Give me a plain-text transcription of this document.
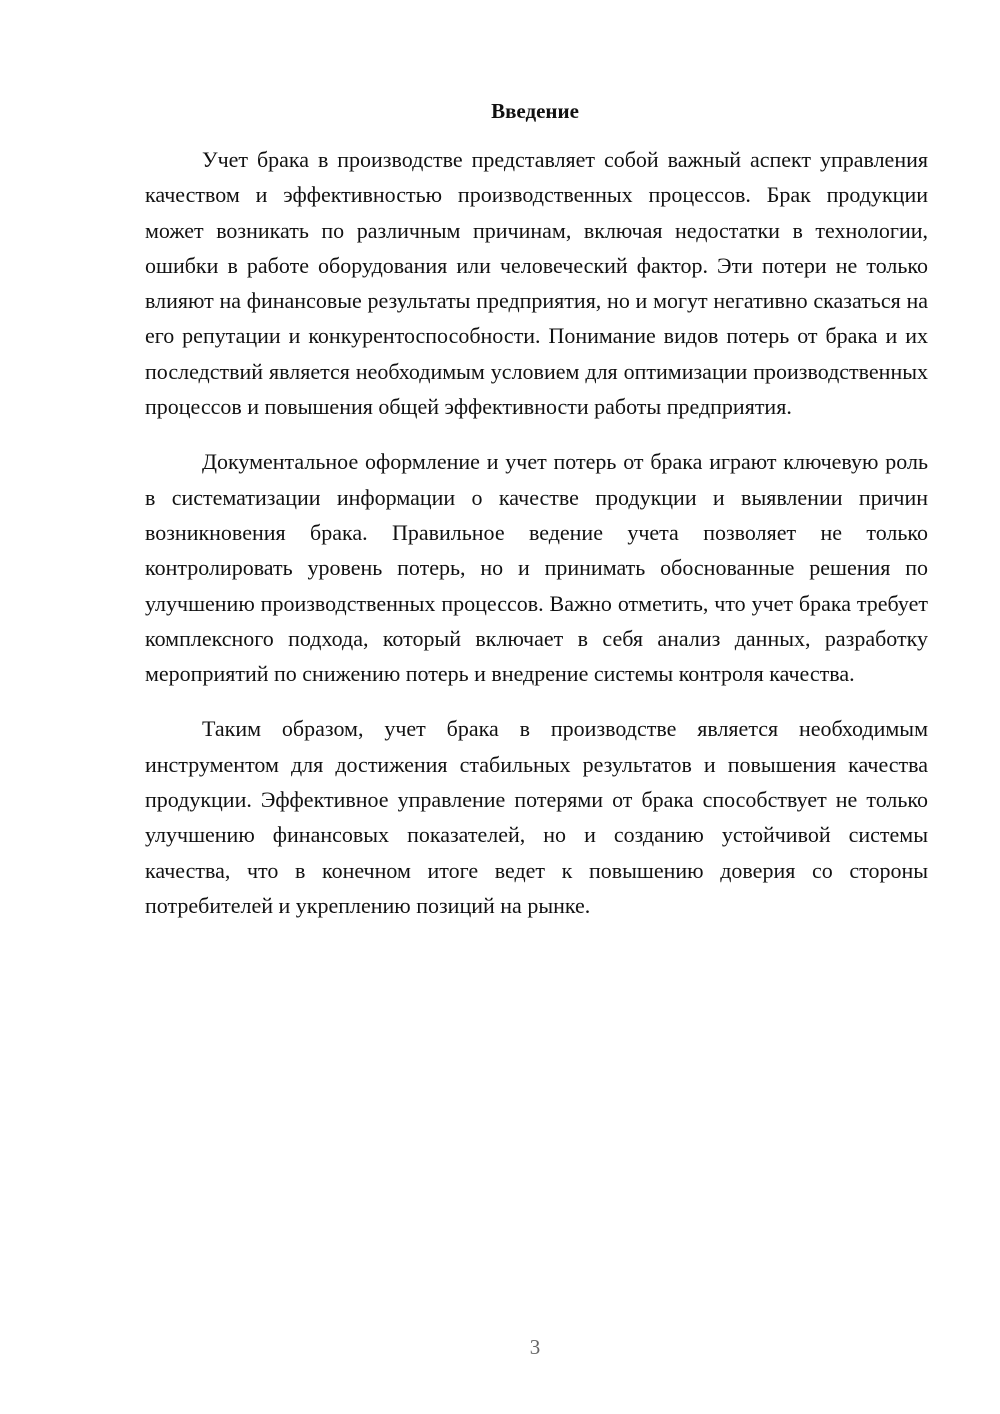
Введение

Учет брака в производстве представляет собой важный аспект управления качеством и эффективностью производственных процессов. Брак продукции может возникать по различным причинам, включая недостатки в технологии, ошибки в работе оборудования или человеческий фактор. Эти потери не только влияют на финансовые результаты предприятия, но и могут негативно сказаться на его репутации и конкурентоспособности. Понимание видов потерь от брака и их последствий является необходимым условием для оптимизации производственных процессов и повышения общей эффективности работы предприятия.

Документальное оформление и учет потерь от брака играют ключевую роль в систематизации информации о качестве продукции и выявлении причин возникновения брака. Правильное ведение учета позволяет не только контролировать уровень потерь, но и принимать обоснованные решения по улучшению производственных процессов. Важно отметить, что учет брака требует комплексного подхода, который включает в себя анализ данных, разработку мероприятий по снижению потерь и внедрение системы контроля качества.

Таким образом, учет брака в производстве является необходимым инструментом для достижения стабильных результатов и повышения качества продукции. Эффективное управление потерями от брака способствует не только улучшению финансовых показателей, но и созданию устойчивой системы качества, что в конечном итоге ведет к повышению доверия со стороны потребителей и укреплению позиций на рынке.

3
